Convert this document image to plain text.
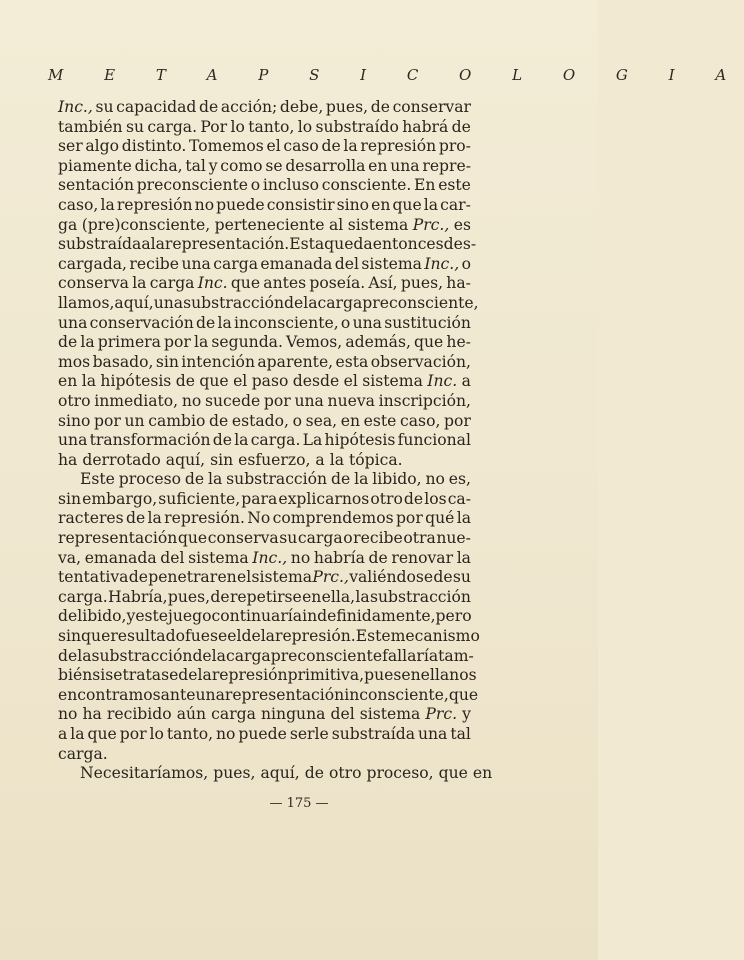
M E T A P S I C O L O G I A
Inc., su capacidad de acción; debe, pues, de conservar
también su carga. Por lo tanto, lo substraído habrá de
ser algo distinto. Tomemos el caso de la represión pro-
piamente dicha, tal y como se desarrolla en una repre-
sentación preconsciente o incluso consciente. En este
caso, la represión no puede consistir sino en que la car-
ga (pre)consciente, perteneciente al sistema Prc., es
substraída a la representación. Esta queda entonces des-
cargada, recibe una carga emanada del sistema Inc., o
conserva la carga Inc. que antes poseía. Así, pues, ha-
llamos, aquí, una substracción de la carga preconsciente,
una conservación de la inconsciente, o una sustitución
de la primera por la segunda. Vemos, además, que he-
mos basado, sin intención aparente, esta observación,
en la hipótesis de que el paso desde el sistema Inc. a
otro inmediato, no sucede por una nueva inscripción,
sino por un cambio de estado, o sea, en este caso, por
una transformación de la carga. La hipótesis funcional
ha derrotado aquí, sin esfuerzo, a la tópica.
Este proceso de la substracción de la libido, no es,
sin embargo, suficiente, para explicarnos otro de los ca-
racteres de la represión. No comprendemos por qué la
representación que conserva su carga o recibe otra nue-
va, emanada del sistema Inc., no habría de renovar la
tentativa de penetrar en el sistema Prc., valiéndose de su
carga. Habría, pues, de repetirse en ella, la substracción
de libido, y este juego continuaría indefinidamente, pero
sin que resultado fuese el de la represión. Este mecanismo
de la substracción de la carga preconsciente fallaría tam-
bién si se tratase de la represión primitiva, pues en ella nos
encontramos ante una representación inconsciente, que
no ha recibido aún carga ninguna del sistema Prc. y
a la que por lo tanto, no puede serle substraída una tal
carga.
Necesitaríamos, pues, aquí, de otro proceso, que en
— 175 —
